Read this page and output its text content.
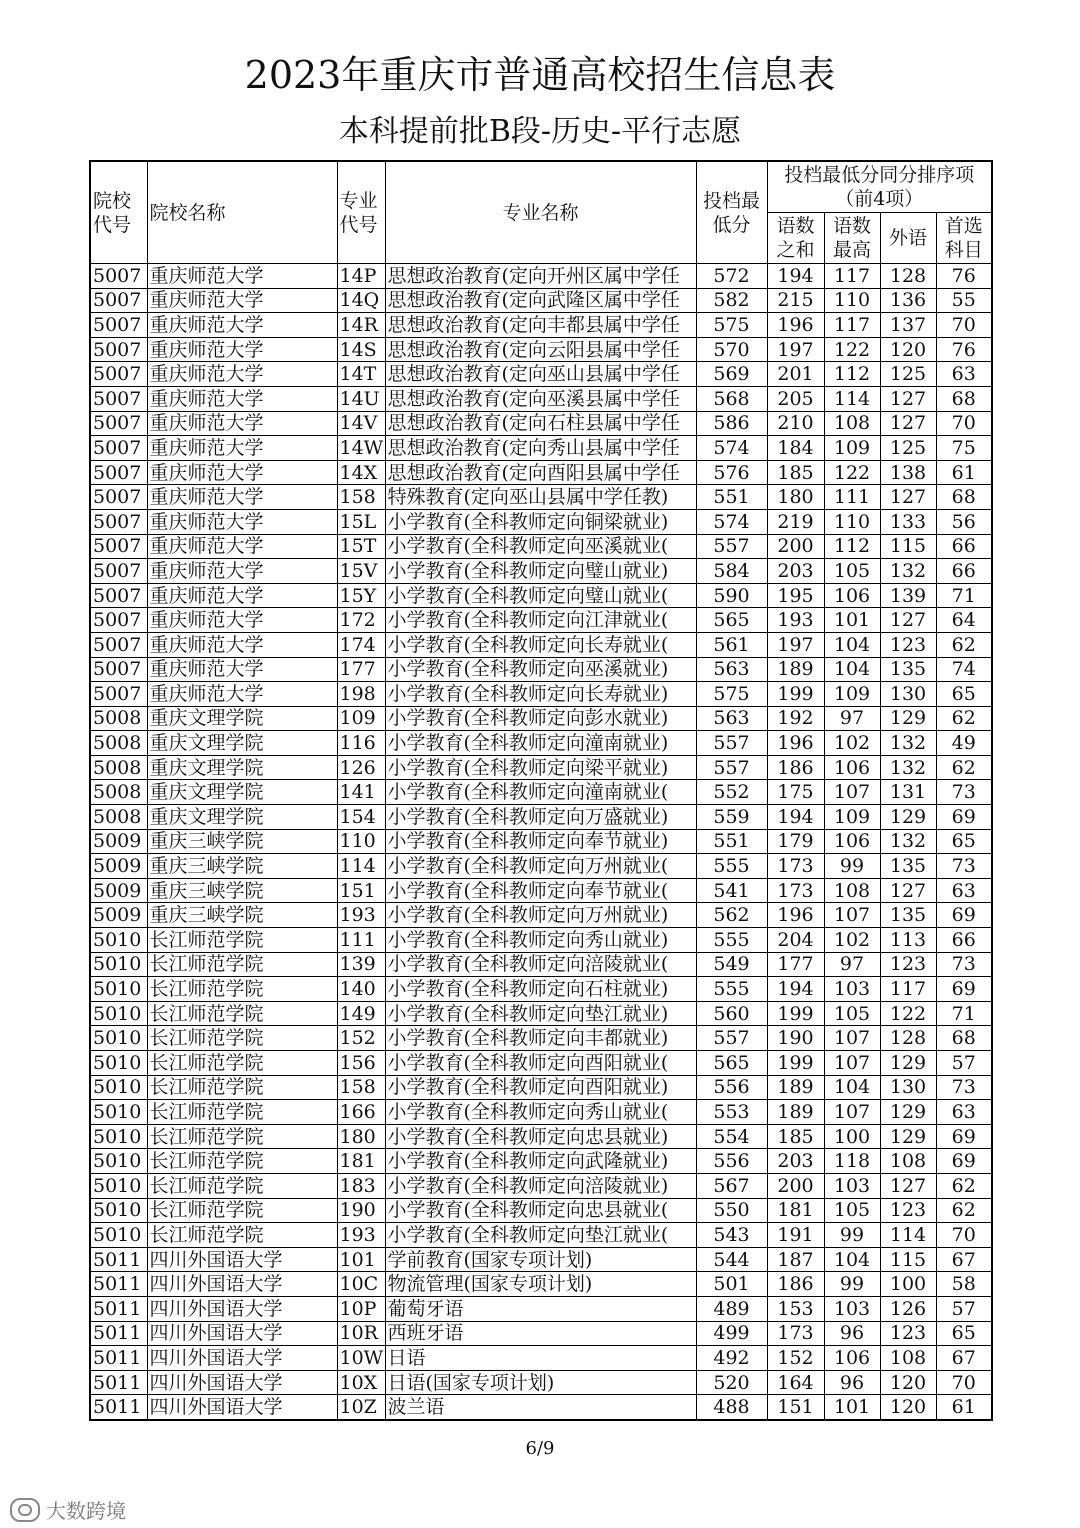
2023年重庆市普通高校招生信息表
本科提前批B段-历史-平行志愿
院校代号	院校名称	专业代号	专业名称	投档最低分	投档最低分同分排序项（前4项）			
					语数之和	语数最高	外语	首选科目
5007	重庆师范大学	14P	思想政治教育(定向开州区属中学任	572	194	117	128	76
5007	重庆师范大学	14Q	思想政治教育(定向武隆区属中学任	582	215	110	136	55
5007	重庆师范大学	14R	思想政治教育(定向丰都县属中学任	575	196	117	137	70
5007	重庆师范大学	14S	思想政治教育(定向云阳县属中学任	570	197	122	120	76
5007	重庆师范大学	14T	思想政治教育(定向巫山县属中学任	569	201	112	125	63
5007	重庆师范大学	14U	思想政治教育(定向巫溪县属中学任	568	205	114	127	68
5007	重庆师范大学	14V	思想政治教育(定向石柱县属中学任	586	210	108	127	70
5007	重庆师范大学	14W	思想政治教育(定向秀山县属中学任	574	184	109	125	75
5007	重庆师范大学	14X	思想政治教育(定向酉阳县属中学任	576	185	122	138	61
5007	重庆师范大学	158	特殊教育(定向巫山县属中学任教)	551	180	111	127	68
5007	重庆师范大学	15L	小学教育(全科教师定向铜梁就业)	574	219	110	133	56
5007	重庆师范大学	15T	小学教育(全科教师定向巫溪就业(	557	200	112	115	66
5007	重庆师范大学	15V	小学教育(全科教师定向璧山就业)	584	203	105	132	66
5007	重庆师范大学	15Y	小学教育(全科教师定向璧山就业(	590	195	106	139	71
5007	重庆师范大学	172	小学教育(全科教师定向江津就业(	565	193	101	127	64
5007	重庆师范大学	174	小学教育(全科教师定向长寿就业(	561	197	104	123	62
5007	重庆师范大学	177	小学教育(全科教师定向巫溪就业)	563	189	104	135	74
5007	重庆师范大学	198	小学教育(全科教师定向长寿就业)	575	199	109	130	65
5008	重庆文理学院	109	小学教育(全科教师定向彭水就业)	563	192	97	129	62
5008	重庆文理学院	116	小学教育(全科教师定向潼南就业)	557	196	102	132	49
5008	重庆文理学院	126	小学教育(全科教师定向梁平就业)	557	186	106	132	62
5008	重庆文理学院	141	小学教育(全科教师定向潼南就业(	552	175	107	131	73
5008	重庆文理学院	154	小学教育(全科教师定向万盛就业)	559	194	109	129	69
5009	重庆三峡学院	110	小学教育(全科教师定向奉节就业)	551	179	106	132	65
5009	重庆三峡学院	114	小学教育(全科教师定向万州就业(	555	173	99	135	73
5009	重庆三峡学院	151	小学教育(全科教师定向奉节就业(	541	173	108	127	63
5009	重庆三峡学院	193	小学教育(全科教师定向万州就业)	562	196	107	135	69
5010	长江师范学院	111	小学教育(全科教师定向秀山就业)	555	204	102	113	66
5010	长江师范学院	139	小学教育(全科教师定向涪陵就业(	549	177	97	123	73
5010	长江师范学院	140	小学教育(全科教师定向石柱就业)	555	194	103	117	69
5010	长江师范学院	149	小学教育(全科教师定向垫江就业)	560	199	105	122	71
5010	长江师范学院	152	小学教育(全科教师定向丰都就业)	557	190	107	128	68
5010	长江师范学院	156	小学教育(全科教师定向酉阳就业(	565	199	107	129	57
5010	长江师范学院	158	小学教育(全科教师定向酉阳就业)	556	189	104	130	73
5010	长江师范学院	166	小学教育(全科教师定向秀山就业(	553	189	107	129	63
5010	长江师范学院	180	小学教育(全科教师定向忠县就业)	554	185	100	129	69
5010	长江师范学院	181	小学教育(全科教师定向武隆就业)	556	203	118	108	69
5010	长江师范学院	183	小学教育(全科教师定向涪陵就业)	567	200	103	127	62
5010	长江师范学院	190	小学教育(全科教师定向忠县就业(	550	181	105	123	62
5010	长江师范学院	193	小学教育(全科教师定向垫江就业(	543	191	99	114	70
5011	四川外国语大学	101	学前教育(国家专项计划)	544	187	104	115	67
5011	四川外国语大学	10C	物流管理(国家专项计划)	501	186	99	100	58
5011	四川外国语大学	10P	葡萄牙语	489	153	103	126	57
5011	四川外国语大学	10R	西班牙语	499	173	96	123	65
5011	四川外国语大学	10W	日语	492	152	106	108	67
5011	四川外国语大学	10X	日语(国家专项计划)	520	164	96	120	70
5011	四川外国语大学	10Z	波兰语	488	151	101	120	61
6/9
大数跨境
